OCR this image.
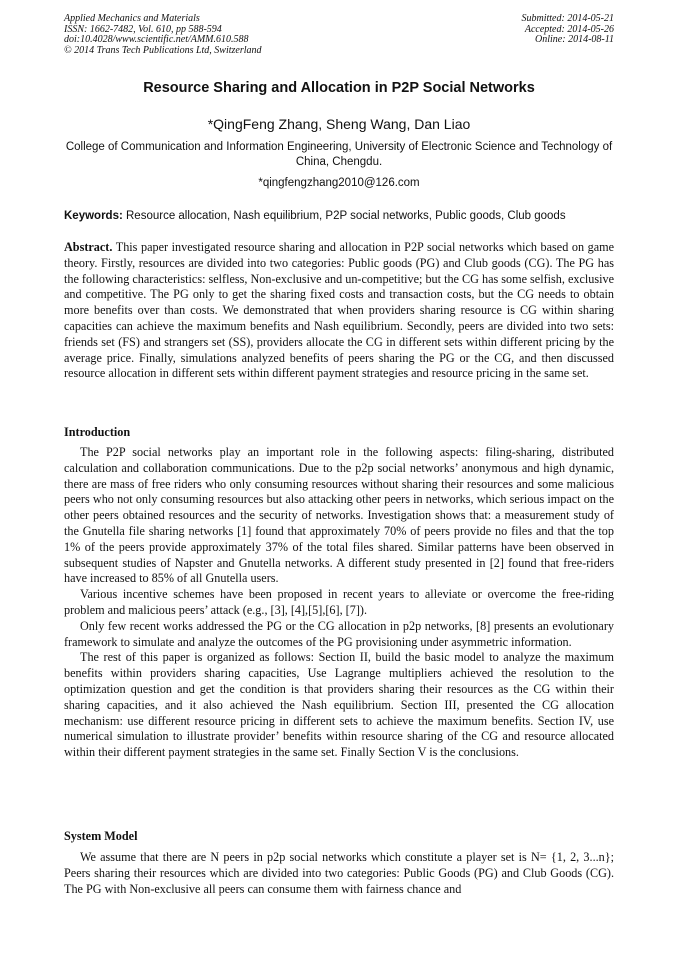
Applied Mechanics and Materials
ISSN: 1662-7482, Vol. 610, pp 588-594
doi:10.4028/www.scientific.net/AMM.610.588
© 2014 Trans Tech Publications Ltd, Switzerland
Submitted: 2014-05-21
Accepted: 2014-05-26
Online: 2014-08-11
Resource Sharing and Allocation in P2P Social Networks
*QingFeng Zhang, Sheng Wang, Dan Liao
College of Communication and Information Engineering, University of Electronic Science and Technology of China, Chengdu.
*qingfengzhang2010@126.com
Keywords: Resource allocation, Nash equilibrium, P2P social networks, Public goods, Club goods

Abstract. This paper investigated resource sharing and allocation in P2P social networks which based on game theory. Firstly, resources are divided into two categories: Public goods (PG) and Club goods (CG). The PG has the following characteristics: selfless, Non-exclusive and un-competitive; but the CG has some selfish, exclusive and competitive. The PG only to get the sharing fixed costs and transaction costs, but the CG needs to obtain more benefits over than costs. We demonstrated that when providers sharing resource is CG within sharing capacities can achieve the maximum benefits and Nash equilibrium. Secondly, peers are divided into two sets: friends set (FS) and strangers set (SS), providers allocate the CG in different sets within different pricing by the average price. Finally, simulations analyzed benefits of peers sharing the PG or the CG, and then discussed resource allocation in different sets within different payment strategies and resource pricing in the same set.

Introduction

The P2P social networks play an important role in the following aspects: filing-sharing, distributed calculation and collaboration communications. Due to the p2p social networks’ anonymous and high dynamic, there are mass of free riders who only consuming resources without sharing their resources and some malicious peers who not only consuming resources but also attacking other peers in networks, which serious impact on the other peers obtained resources and the security of networks. Investigation shows that: a measurement study of the Gnutella file sharing networks [1] found that approximately 70% of peers provide no files and that the top 1% of the peers provide approximately 37% of the total files shared. Similar patterns have been observed in subsequent studies of Napster and Gnutella networks. A different study presented in [2] found that free-riders have increased to 85% of all Gnutella users.

Various incentive schemes have been proposed in recent years to alleviate or overcome the free-riding problem and malicious peers’ attack (e.g., [3], [4],[5],[6], [7]).

Only few recent works addressed the PG or the CG allocation in p2p networks, [8] presents an evolutionary framework to simulate and analyze the outcomes of the PG provisioning under asymmetric information.

The rest of this paper is organized as follows: Section II, build the basic model to analyze the maximum benefits within providers sharing capacities, Use Lagrange multipliers achieved the resolution to the optimization question and get the condition is that providers sharing their resources as the CG within their sharing capacities, and it also achieved the Nash equilibrium. Section III, presented the CG allocation mechanism: use different resource pricing in different sets to achieve the maximum benefits. Section IV, use numerical simulation to illustrate provider’ benefits within resource sharing of the CG and resource allocated within their different payment strategies in the same set. Finally Section V is the conclusions.

System Model

We assume that there are N peers in p2p social networks which constitute a player set is N= {1, 2, 3...n}; Peers sharing their resources which are divided into two categories: Public Goods (PG) and Club Goods (CG). The PG with Non-exclusive all peers can consume them with fairness chance and
